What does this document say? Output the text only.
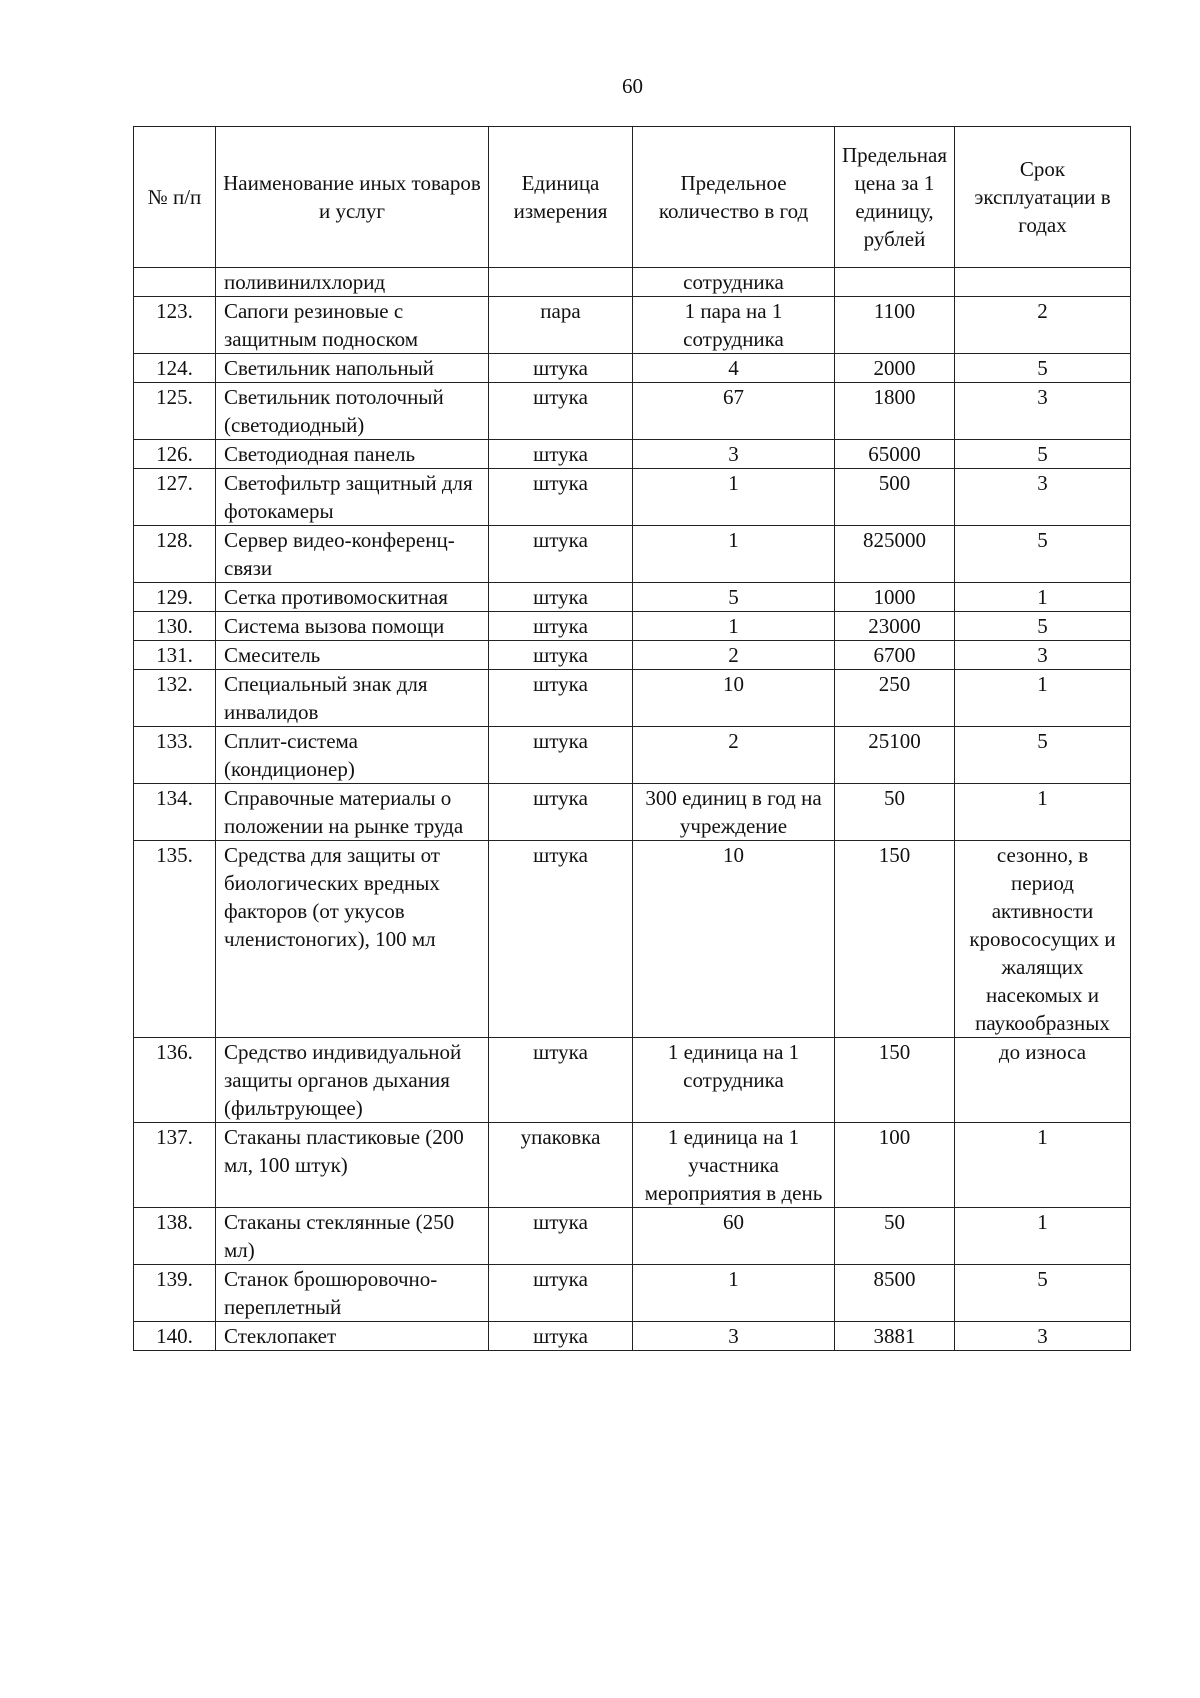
60
№ п/п	Наименование иных товаров и услуг	Единица измерения	Предельное количество в год	Предельная цена за 1 единицу, рублей	Срок эксплуатации в годах
	поливинилхлорид		сотрудника		
123.	Сапоги резиновые с защитным подноском	пара	1 пара на 1 сотрудника	1100	2
124.	Светильник напольный	штука	4	2000	5
125.	Светильник потолочный (светодиодный)	штука	67	1800	3
126.	Светодиодная панель	штука	3	65000	5
127.	Светофильтр защитный для фотокамеры	штука	1	500	3
128.	Сервер видео-конференц-связи	штука	1	825000	5
129.	Сетка противомоскитная	штука	5	1000	1
130.	Система вызова помощи	штука	1	23000	5
131.	Смеситель	штука	2	6700	3
132.	Специальный знак для инвалидов	штука	10	250	1
133.	Сплит-система (кондиционер)	штука	2	25100	5
134.	Справочные материалы о положении на рынке труда	штука	300 единиц в год на учреждение	50	1
135.	Средства для защиты от биологических вредных факторов (от укусов членистоногих), 100 мл	штука	10	150	сезонно, в период активности кровососущих и жалящих насекомых и паукообразных
136.	Средство индивидуальной защиты органов дыхания (фильтрующее)	штука	1 единица на 1 сотрудника	150	до износа
137.	Стаканы пластиковые (200 мл, 100 штук)	упаковка	1 единица на 1 участника мероприятия в день	100	1
138.	Стаканы стеклянные (250 мл)	штука	60	50	1
139.	Станок брошюровочно-переплетный	штука	1	8500	5
140.	Стеклопакет	штука	3	3881	3
